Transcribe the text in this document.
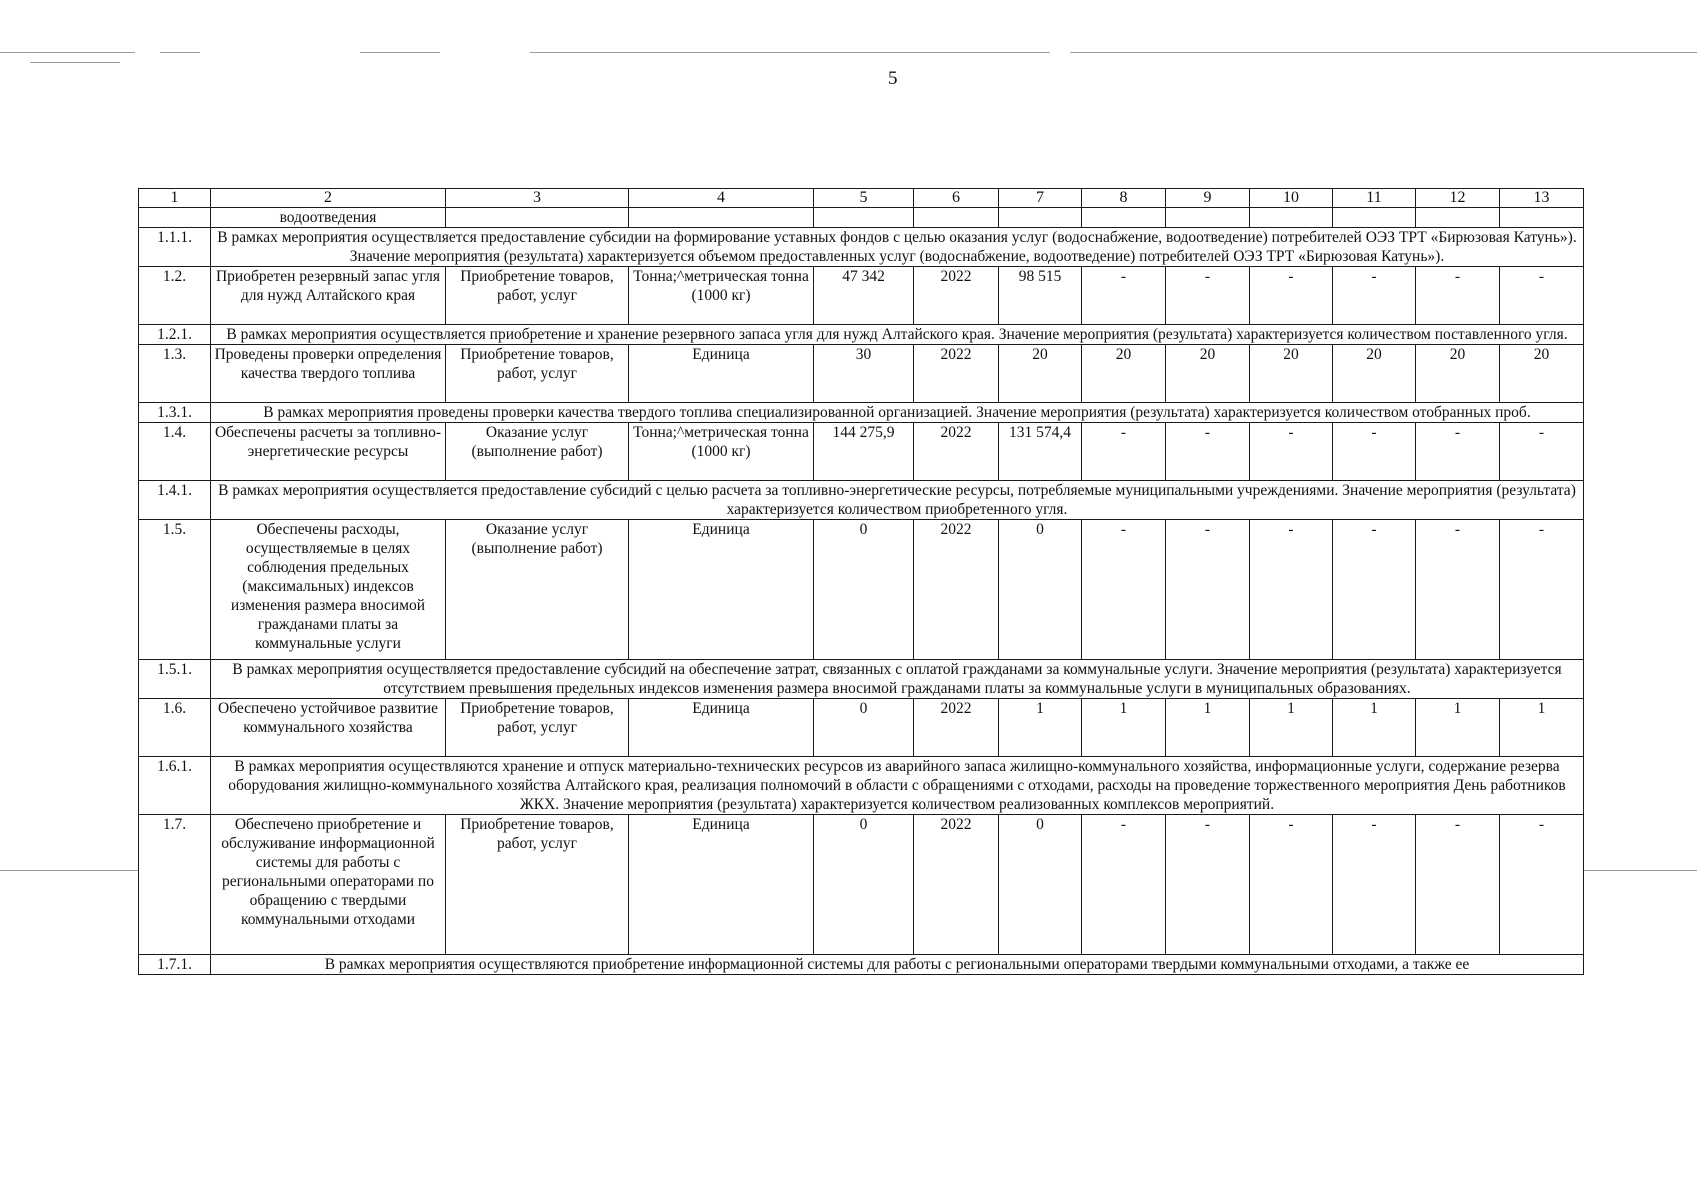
5
1	2	3	4	5	6	7	8	9	10	11	12	13
	водоотведения											
1.1.1.	В рамках мероприятия осуществляется предоставление субсидии на формирование уставных фондов с целью оказания услуг (водоснабжение, водоотведение) потребителей ОЭЗ ТРТ «Бирюзовая Катунь»). Значение мероприятия (результата) характеризуется объемом предоставленных услуг (водоснабжение, водоотведение) потребителей ОЭЗ ТРТ «Бирюзовая Катунь»).											
1.2.	Приобретен резервный запас угля для нужд Алтайского края	Приобретение товаров, работ, услуг	Тонна;^метрическая тонна (1000 кг)	47 342	2022	98 515	-	-	-	-	-	-
1.2.1.	В рамках мероприятия осуществляется приобретение и хранение резервного запаса угля для нужд Алтайского края. Значение мероприятия (результата) характеризуется количеством поставленного угля.											
1.3.	Проведены проверки определения качества твердого топлива	Приобретение товаров, работ, услуг	Единица	30	2022	20	20	20	20	20	20	20
1.3.1.	В рамках мероприятия проведены проверки качества твердого топлива специализированной организацией. Значение мероприятия (результата) характеризуется количеством отобранных проб.											
1.4.	Обеспечены расчеты за топливно-энергетические ресурсы	Оказание услуг (выполнение работ)	Тонна;^метрическая тонна (1000 кг)	144 275,9	2022	131 574,4	-	-	-	-	-	-
1.4.1.	В рамках мероприятия осуществляется предоставление субсидий с целью расчета за топливно-энергетические ресурсы, потребляемые муниципальными учреждениями. Значение мероприятия (результата) характеризуется количеством приобретенного угля.											
1.5.	Обеспечены расходы, осуществляемые в целях соблюдения предельных (максимальных) индексов изменения размера вносимой гражданами платы за коммунальные услуги	Оказание услуг (выполнение работ)	Единица	0	2022	0	-	-	-	-	-	-
1.5.1.	В рамках мероприятия осуществляется предоставление субсидий на обеспечение затрат, связанных с оплатой гражданами за коммунальные услуги. Значение мероприятия (результата) характеризуется отсутствием превышения предельных индексов изменения размера вносимой гражданами платы за коммунальные услуги в муниципальных образованиях.											
1.6.	Обеспечено устойчивое развитие коммунального хозяйства	Приобретение товаров, работ, услуг	Единица	0	2022	1	1	1	1	1	1	1
1.6.1.	В рамках мероприятия осуществляются хранение и отпуск материально-технических ресурсов из аварийного запаса жилищно-коммунального хозяйства, информационные услуги, содержание резерва оборудования жилищно-коммунального хозяйства Алтайского края, реализация полномочий в области с обращениями с отходами, расходы на проведение торжественного мероприятия День работников ЖКХ. Значение мероприятия (результата) характеризуется количеством реализованных комплексов мероприятий.											
1.7.	Обеспечено приобретение и обслуживание информационной системы для работы с региональными операторами по обращению с твердыми коммунальными отходами	Приобретение товаров, работ, услуг	Единица	0	2022	0	-	-	-	-	-	-
1.7.1.	В рамках мероприятия осуществляются приобретение информационной системы для работы с региональными операторами твердыми коммунальными отходами, а также ее											
